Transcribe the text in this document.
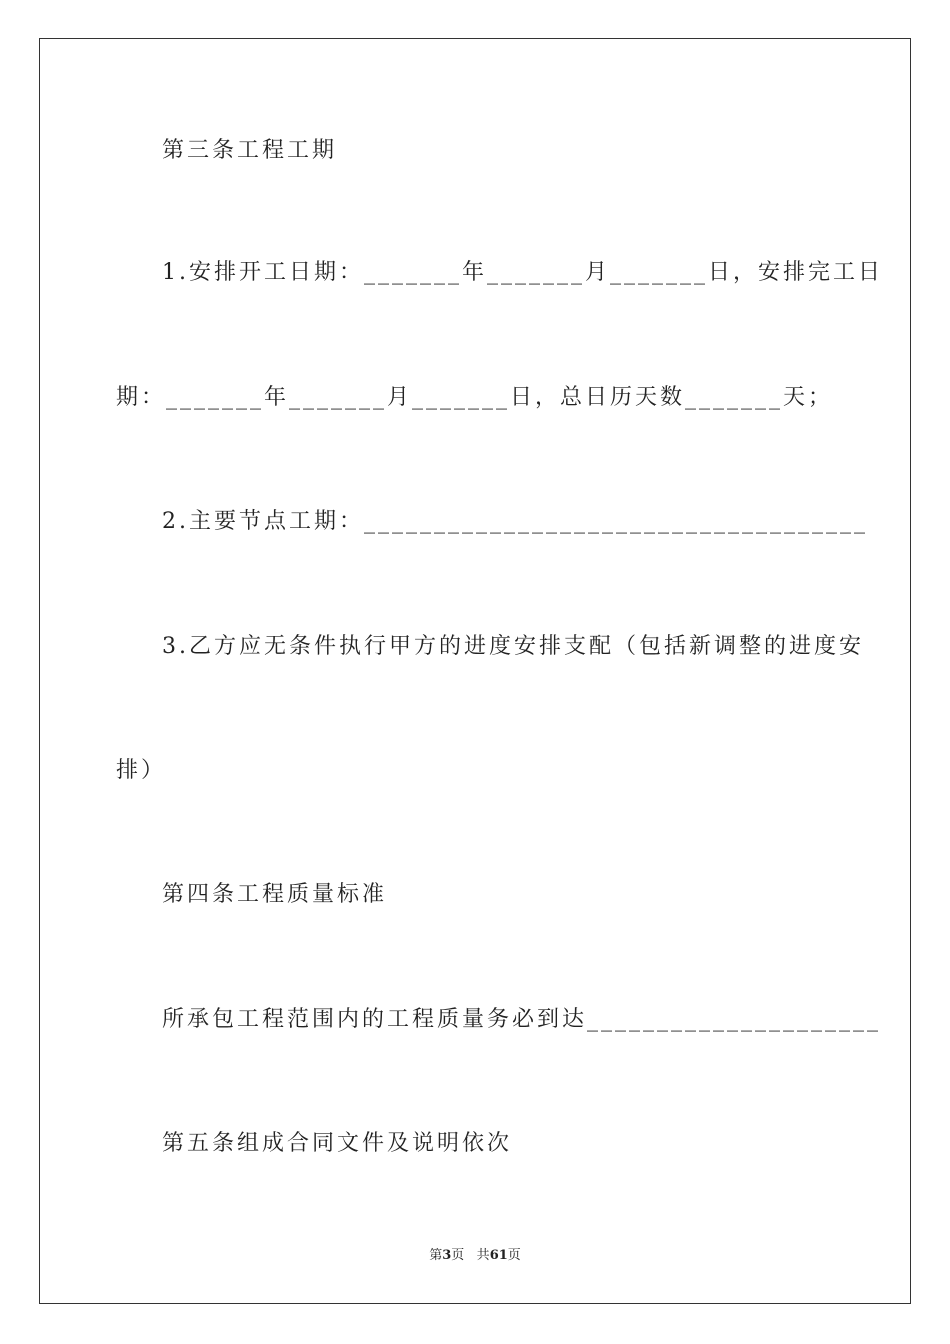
第三条工程工期
1.安排开工日期：_______年_______月_______日，安排完工日
期：_______年_______月_______日，总日历天数_______天；
2.主要节点工期：____________________________________
3.乙方应无条件执行甲方的进度安排支配（包括新调整的进度安
排）
第四条工程质量标准
所承包工程范围内的工程质量务必到达_____________________
第五条组成合同文件及说明依次
第3页 共61页
